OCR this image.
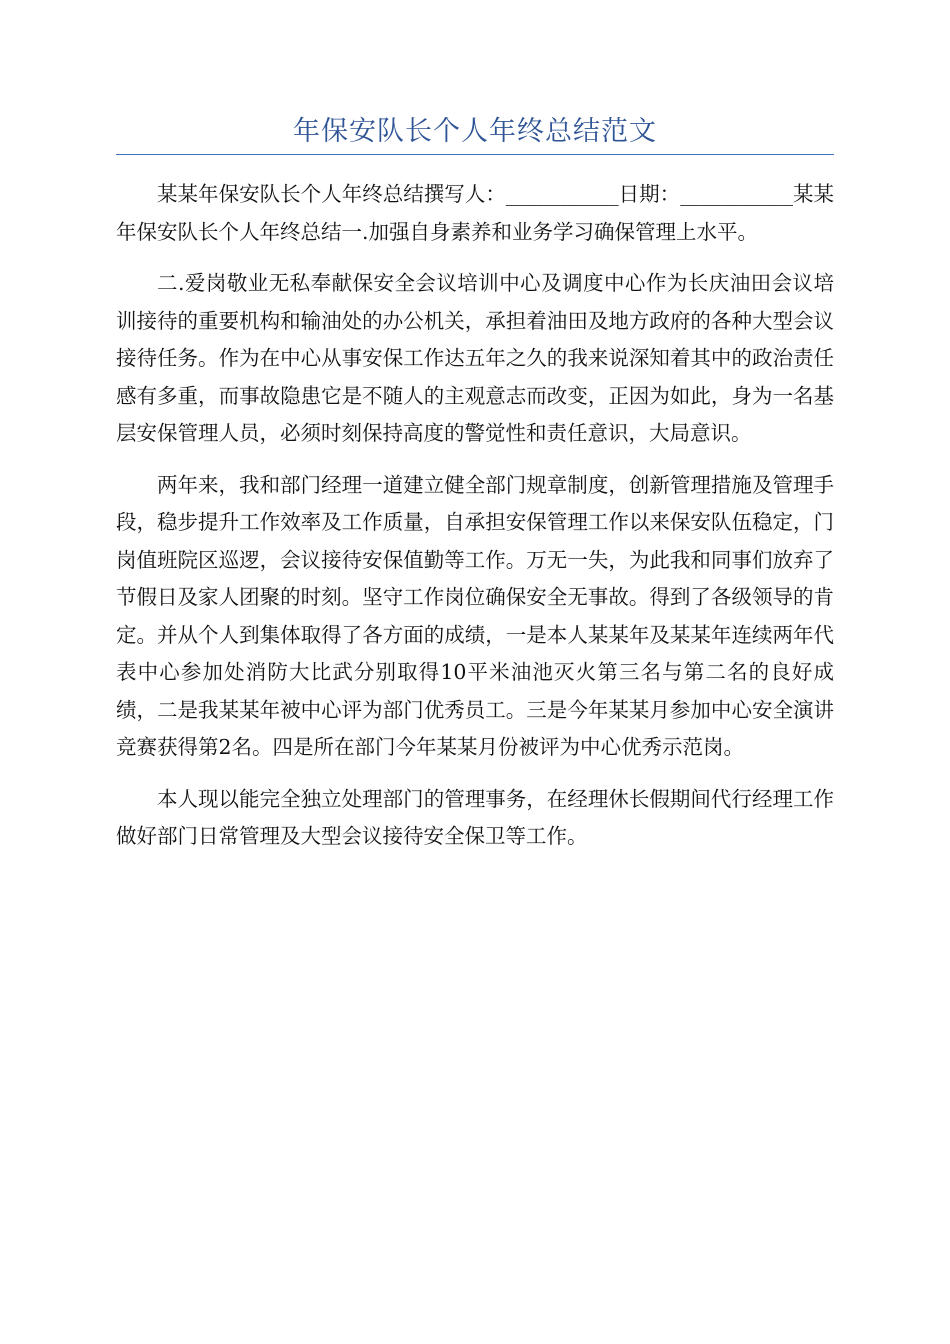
年保安队长个人年终总结范文

某某年保安队长个人年终总结撰写人：___________日期：___________某某年保安队长个人年终总结一.加强自身素养和业务学习确保管理上水平。

二.爱岗敬业无私奉献保安全会议培训中心及调度中心作为长庆油田会议培训接待的重要机构和输油处的办公机关，承担着油田及地方政府的各种大型会议接待任务。作为在中心从事安保工作达五年之久的我来说深知着其中的政治责任感有多重，而事故隐患它是不随人的主观意志而改变，正因为如此，身为一名基层安保管理人员，必须时刻保持高度的警觉性和责任意识，大局意识。

两年来，我和部门经理一道建立健全部门规章制度，创新管理措施及管理手段，稳步提升工作效率及工作质量，自承担安保管理工作以来保安队伍稳定，门岗值班院区巡逻，会议接待安保值勤等工作。万无一失，为此我和同事们放弃了节假日及家人团聚的时刻。坚守工作岗位确保安全无事故。得到了各级领导的肯定。并从个人到集体取得了各方面的成绩，一是本人某某年及某某年连续两年代表中心参加处消防大比武分别取得10平米油池灭火第三名与第二名的良好成绩，二是我某某年被中心评为部门优秀员工。三是今年某某月参加中心安全演讲竞赛获得第2名。四是所在部门今年某某月份被评为中心优秀示范岗。

本人现以能完全独立处理部门的管理事务，在经理休长假期间代行经理工作做好部门日常管理及大型会议接待安全保卫等工作。
